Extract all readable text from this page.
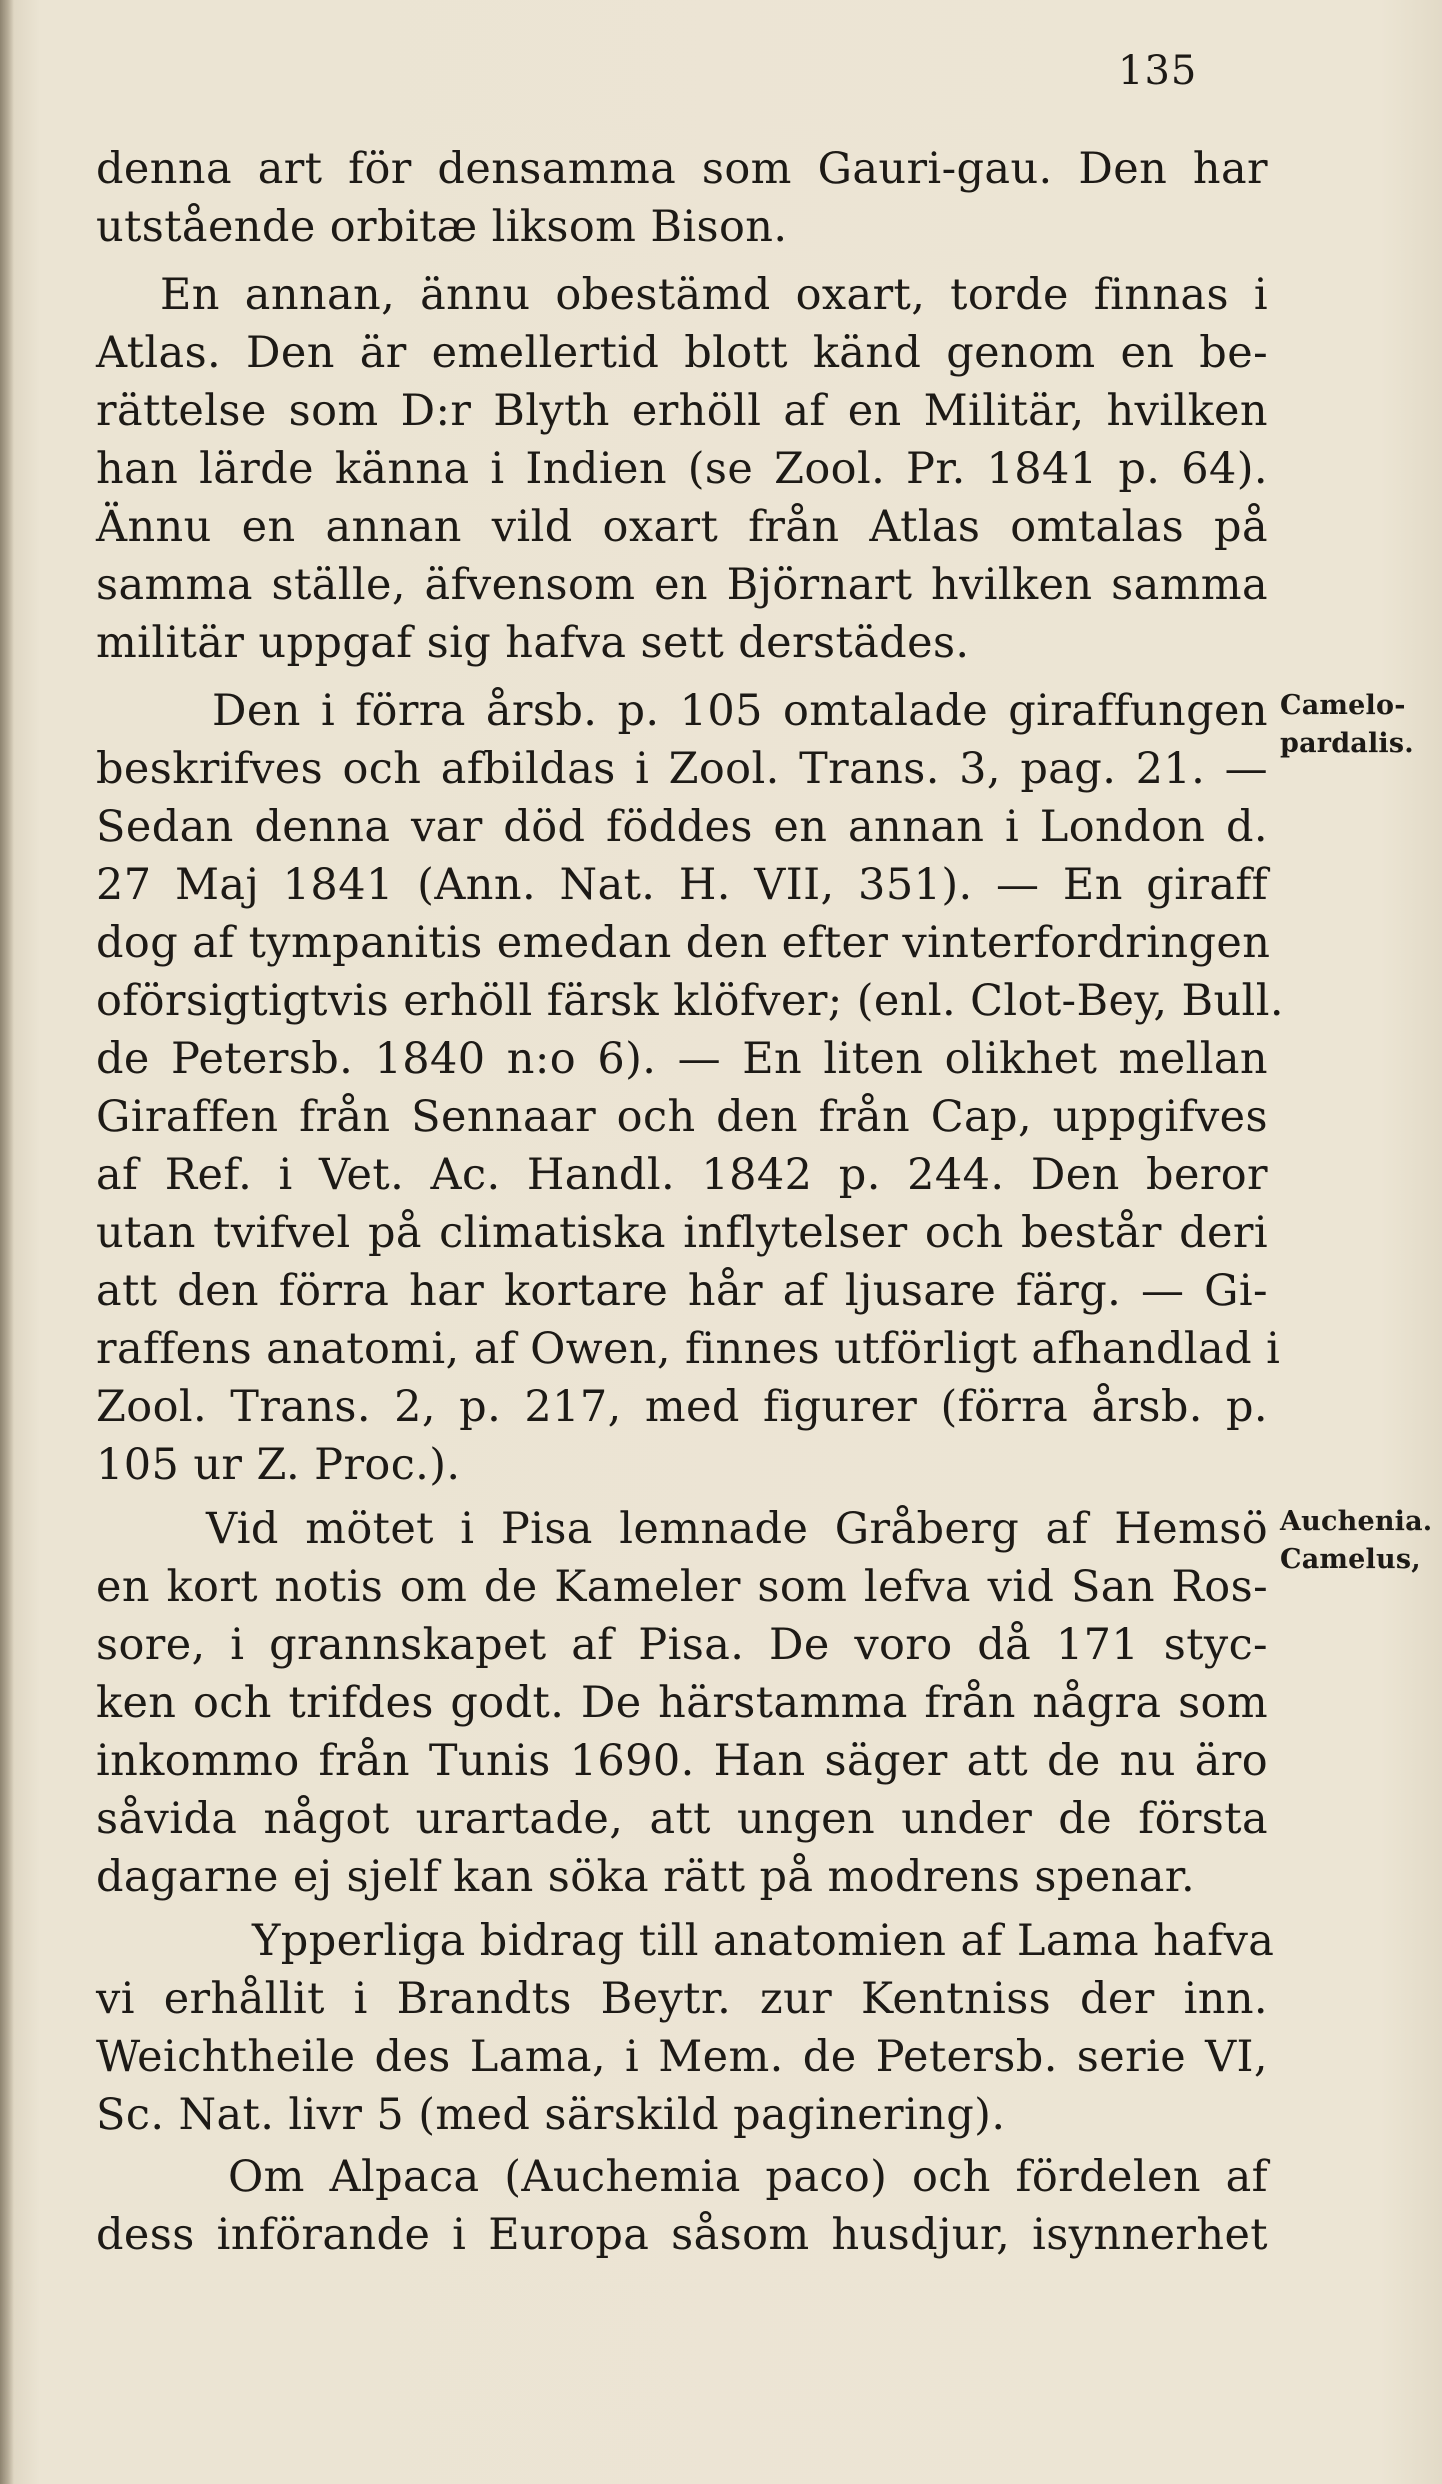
135
denna art för densamma som Gauri-gau. Den har
utstående orbitæ liksom Bison.
En annan, ännu obestämd oxart, torde finnas i
Atlas. Den är emellertid blott känd genom en be-
rättelse som D:r Blyth erhöll af en Militär, hvilken
han lärde känna i Indien (se Zool. Pr. 1841 p. 64).
Ännu en annan vild oxart från Atlas omtalas på
samma ställe, äfvensom en Björnart hvilken samma
militär uppgaf sig hafva sett derstädes.
Den i förra årsb. p. 105 omtalade giraffungen
beskrifves och afbildas i Zool. Trans. 3, pag. 21. —
Sedan denna var död föddes en annan i London d.
27 Maj 1841 (Ann. Nat. H. VII, 351). — En giraff
dog af tympanitis emedan den efter vinterfordringen
oförsigtigtvis erhöll färsk klöfver; (enl. Clot-Bey, Bull.
de Petersb. 1840 n:o 6). — En liten olikhet mellan
Giraffen från Sennaar och den från Cap, uppgifves
af Ref. i Vet. Ac. Handl. 1842 p. 244. Den beror
utan tvifvel på climatiska inflytelser och består deri
att den förra har kortare hår af ljusare färg. — Gi-
raffens anatomi, af Owen, finnes utförligt afhandlad i
Zool. Trans. 2, p. 217, med figurer (förra årsb. p.
105 ur Z. Proc.).
Vid mötet i Pisa lemnade Gråberg af Hemsö
en kort notis om de Kameler som lefva vid San Ros-
sore, i grannskapet af Pisa. De voro då 171 styc-
ken och trifdes godt. De härstamma från några som
inkommo från Tunis 1690. Han säger att de nu äro
såvida något urartade, att ungen under de första
dagarne ej sjelf kan söka rätt på modrens spenar.
Ypperliga bidrag till anatomien af Lama hafva
vi erhållit i Brandts Beytr. zur Kentniss der inn.
Weichtheile des Lama, i Mem. de Petersb. serie VI,
Sc. Nat. livr 5 (med särskild paginering).
Om Alpaca (Auchemia paco) och fördelen af
dess införande i Europa såsom husdjur, isynnerhet
Camelo-
pardalis.
Auchenia.
Camelus,
